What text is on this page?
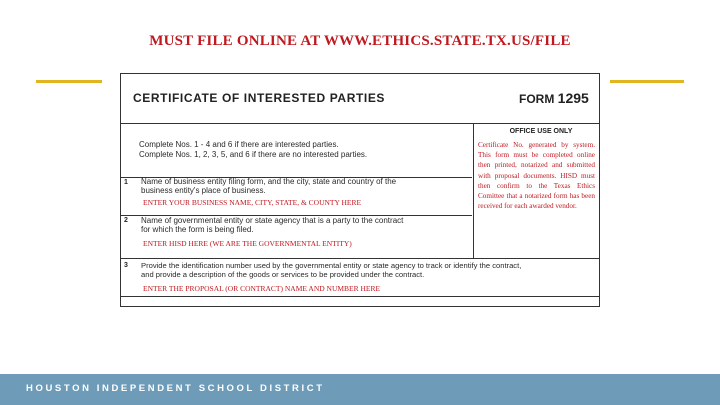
MUST FILE ONLINE AT WWW.ETHICS.STATE.TX.US/FILE
CERTIFICATE OF INTERESTED PARTIES	FORM 1295
Complete Nos. 1 - 4 and 6 if there are interested parties.
Complete Nos. 1, 2, 3, 5, and 6 if there are no interested parties.
OFFICE USE ONLY
Certificate No. generated by system. This form must be completed online then printed, notarized and submitted with proposal documents. HISD must then confirm to the Texas Ethics Comittee that a notarized form has been received for each awarded vendor.
1 Name of business entity filing form, and the city, state and country of the
business entity's place of business.
ENTER YOUR BUSINESS NAME, CITY, STATE, & COUNTY HERE
2 Name of governmental entity or state agency that is a party to the contract
for which the form is being filed.
ENTER HISD HERE (WE ARE THE GOVERNMENTAL ENTITY)
3 Provide the identification number used by the governmental entity or state agency to track or identify the contract,
and provide a description of the goods or services to be provided under the contract.
ENTER THE PROPOSAL (OR CONTRACT) NAME AND NUMBER HERE
HOUSTON INDEPENDENT SCHOOL DISTRICT
